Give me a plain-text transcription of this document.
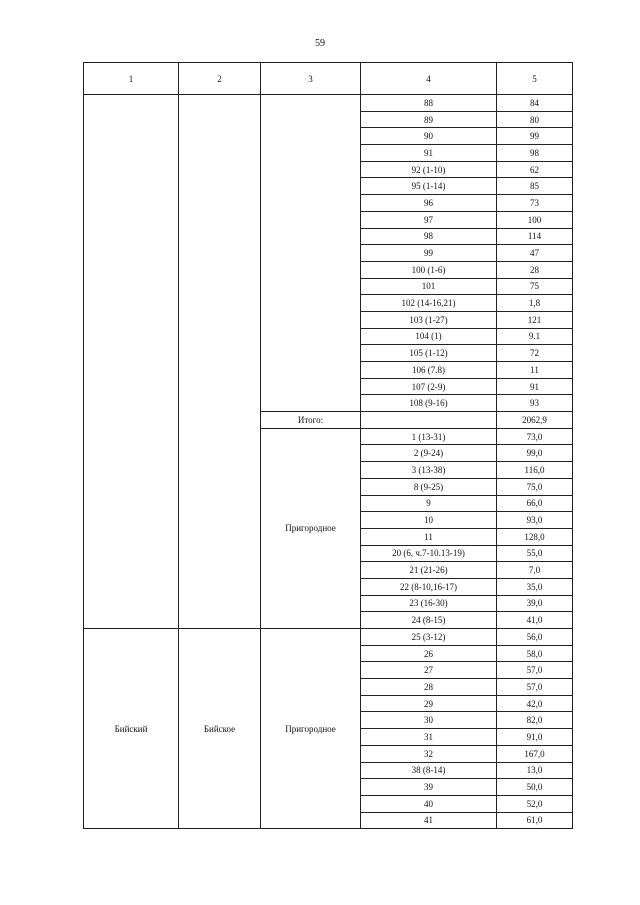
59
1	2	3	4	5
			88	84
			89	80
			90	99
			91	98
			92 (1-10)	62
			95 (1-14)	85
			96	73
			97	100
			98	114
			99	47
			100 (1-6)	28
			101	75
			102 (14-16,21)	1,8
			103 (1-27)	121
			104 (1)	9.1
			105 (1-12)	72
			106 (7.8)	11
			107 (2-9)	91
			108 (9-16)	93
		Итого:		2062,9
		Пригородное	1 (13-31)	73,0
			2 (9-24)	99,0
			3 (13-38)	116,0
			8 (9-25)	75,0
			9	66,0
			10	93,0
			11	128,0
			20 (6, ч.7-10.13-19)	55,0
			21 (21-26)	7,0
			22 (8-10,16-17)	35,0
			23 (16-30)	39,0
			24 (8-15)	41,0
Бийский	Бийское	Пригородное	25 (3-12)	56,0
			26	58,0
			27	57,0
			28	57,0
			29	42,0
			30	82,0
			31	91,0
			32	167,0
			38 (8-14)	13,0
			39	50,0
			40	52,0
			41	61,0
